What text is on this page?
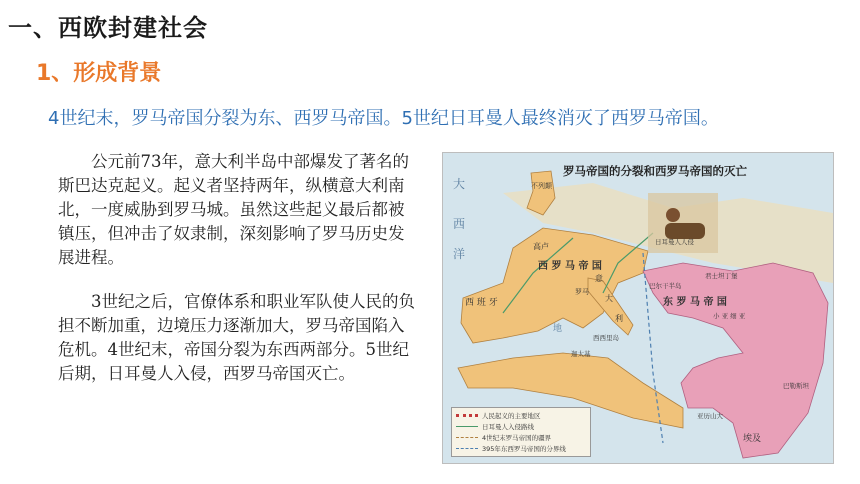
一、西欧封建社会
1、形成背景
4世纪末，罗马帝国分裂为东、西罗马帝国。5世纪日耳曼人最终消灭了西罗马帝国。

公元前73年，意大利半岛中部爆发了著名的斯巴达克起义。起义者坚持两年，纵横意大利南北，一度威胁到罗马城。虽然这些起义最后都被镇压，但冲击了奴隶制，深刻影响了罗马历史发展进程。

3世纪之后，官僚体系和职业军队使人民的负担不断加重，边境压力逐渐加大，罗马帝国陷入危机。4世纪末，帝国分裂为东西两部分。5世纪后期，日耳曼人入侵，西罗马帝国灭亡。

罗马帝国的分裂和西罗马帝国的灭亡
大
西
洋
不列颠
高卢
西 罗 马 帝 国
西 班 牙
罗马
意
大
利
西西里岛
迦太基
地
日耳曼人人侵
巴尔干半岛
君士坦丁堡
东 罗 马 帝 国
小 亚 细 亚
巴勒斯坦
亚历山大
埃及
人民起义的主要地区
日耳曼人入侵路线
4世纪末罗马帝国的疆界
395年东西罗马帝国的分界线
